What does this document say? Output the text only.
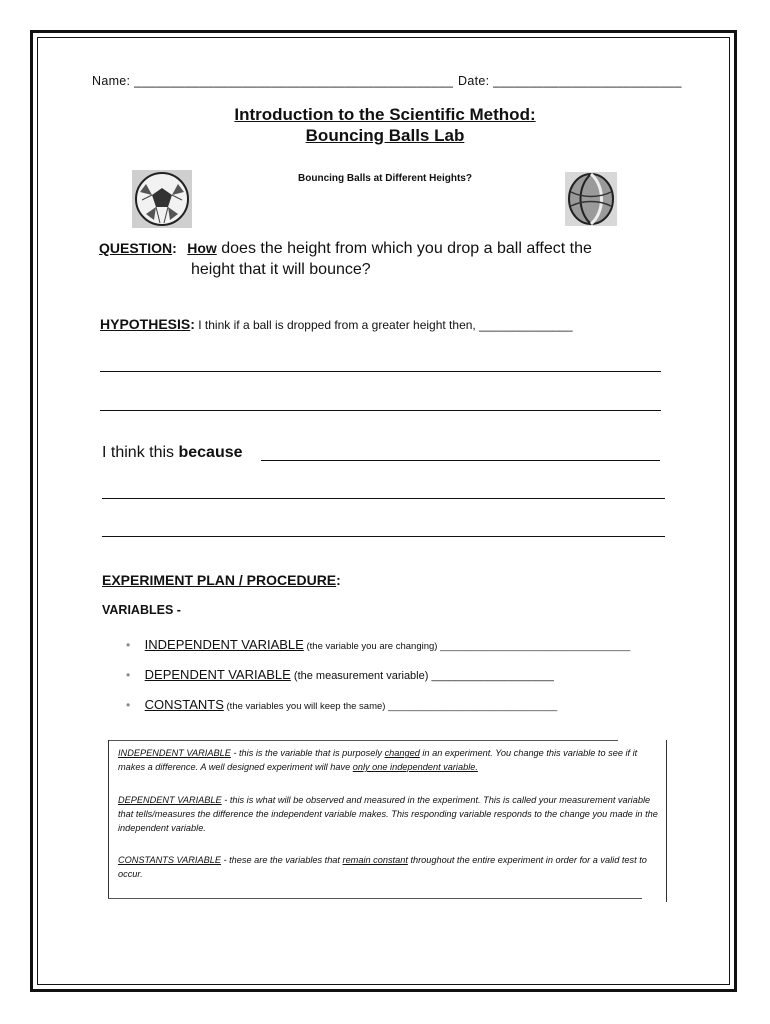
Name: ____________________________________________ Date: __________________________
Introduction to the Scientific Method:
Bouncing Balls Lab
Bouncing Balls at Different Heights?
QUESTION: How does the height from which you drop a ball affect the
height that it will bounce?
HYPOTHESIS: I think if a ball is dropped from a greater height then, ______________
I think this because
EXPERIMENT PLAN / PROCEDURE:
VARIABLES -
• INDEPENDENT VARIABLE (the variable you are changing) ____________________________________
• DEPENDENT VARIABLE (the measurement variable) ____________________
• CONSTANTS (the variables you will keep the same) ________________________________
INDEPENDENT VARIABLE - this is the variable that is purposely changed in an experiment. You change this variable to see if it makes a difference. A well designed experiment will have only one independent variable.
DEPENDENT VARIABLE - this is what will be observed and measured in the experiment. This is called your measurement variable that tells/measures the difference the independent variable makes. This responding variable responds to the change you made in the independent variable.
CONSTANTS VARIABLE - these are the variables that remain constant throughout the entire experiment in order for a valid test to occur.
